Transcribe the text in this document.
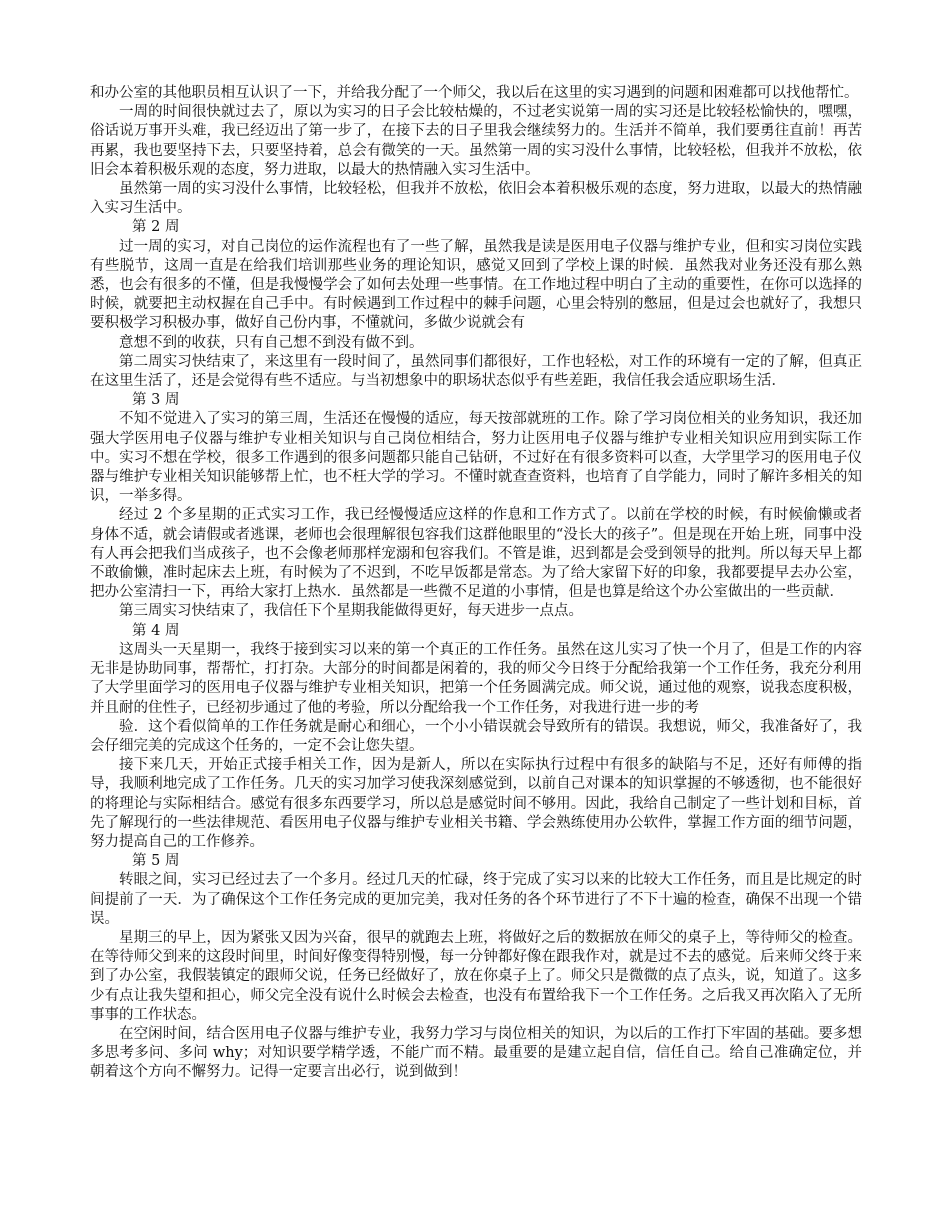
和办公室的其他职员相互认识了一下，并给我分配了一个师父，我以后在这里的实习遇到的问题和困难都可以找他帮忙。

一周的时间很快就过去了，原以为实习的日子会比较枯燥的，不过老实说第一周的实习还是比较轻松愉快的，嘿嘿，俗话说万事开头难，我已经迈出了第一步了，在接下去的日子里我会继续努力的。生活并不简单，我们要勇往直前！再苦再累，我也要坚持下去，只要坚持着，总会有微笑的一天。虽然第一周的实习没什么事情，比较轻松，但我并不放松，依旧会本着积极乐观的态度，努力进取，以最大的热情融入实习生活中。

虽然第一周的实习没什么事情，比较轻松，但我并不放松，依旧会本着积极乐观的态度，努力进取，以最大的热情融入实习生活中。

第 2 周

过一周的实习，对自己岗位的运作流程也有了一些了解，虽然我是读是医用电子仪器与维护专业，但和实习岗位实践有些脱节，这周一直是在给我们培训那些业务的理论知识，感觉又回到了学校上课的时候．虽然我对业务还没有那么熟悉，也会有很多的不懂，但是我慢慢学会了如何去处理一些事情。在工作地过程中明白了主动的重要性，在你可以选择的时候，就要把主动权握在自己手中。有时候遇到工作过程中的棘手问题，心里会特别的憋屈，但是过会也就好了，我想只要积极学习积极办事，做好自己份内事，不懂就问，多做少说就会有

意想不到的收获，只有自己想不到没有做不到。

第二周实习快结束了，来这里有一段时间了，虽然同事们都很好，工作也轻松，对工作的环境有一定的了解，但真正在这里生活了，还是会觉得有些不适应。与当初想象中的职场状态似乎有些差距，我信任我会适应职场生活．

第 3 周

不知不觉进入了实习的第三周，生活还在慢慢的适应，每天按部就班的工作。除了学习岗位相关的业务知识，我还加强大学医用电子仪器与维护专业相关知识与自己岗位相结合，努力让医用电子仪器与维护专业相关知识应用到实际工作中。实习不想在学校，很多工作遇到的很多问题都只能自己钻研，不过好在有很多资料可以查，大学里学习的医用电子仪器与维护专业相关知识能够帮上忙，也不枉大学的学习。不懂时就查查资料，也培育了自学能力，同时了解许多相关的知识，一举多得。

经过 2 个多星期的正式实习工作，我已经慢慢适应这样的作息和工作方式了。以前在学校的时候，有时候偷懒或者身体不适，就会请假或者逃课，老师也会很理解很包容我们这群他眼里的“没长大的孩子”。但是现在开始上班，同事中没有人再会把我们当成孩子，也不会像老师那样宠溺和包容我们。不管是谁，迟到都是会受到领导的批判。所以每天早上都不敢偷懒，准时起床去上班，有时候为了不迟到，不吃早饭都是常态。为了给大家留下好的印象，我都要提早去办公室，把办公室清扫一下，再给大家打上热水．虽然都是一些微不足道的小事情，但是也算是给这个办公室做出的一些贡献．

第三周实习快结束了，我信任下个星期我能做得更好，每天进步一点点。

第 4 周

这周头一天星期一，我终于接到实习以来的第一个真正的工作任务。虽然在这儿实习了快一个月了，但是工作的内容无非是协助同事，帮帮忙，打打杂。大部分的时间都是闲着的，我的师父今日终于分配给我第一个工作任务，我充分利用了大学里面学习的医用电子仪器与维护专业相关知识，把第一个任务圆满完成。师父说，通过他的观察，说我态度积极，并且耐的住性子，已经初步通过了他的考验，所以分配给我一个工作任务，对我进行进一步的考

验．这个看似简单的工作任务就是耐心和细心，一个小小错误就会导致所有的错误。我想说，师父，我准备好了，我会仔细完美的完成这个任务的，一定不会让您失望。

接下来几天，开始正式接手相关工作，因为是新人，所以在实际执行过程中有很多的缺陷与不足，还好有师傅的指导，我顺利地完成了工作任务。几天的实习加学习使我深刻感觉到，以前自己对课本的知识掌握的不够透彻，也不能很好的将理论与实际相结合。感觉有很多东西要学习，所以总是感觉时间不够用。因此，我给自己制定了一些计划和目标，首先了解现行的一些法律规范、看医用电子仪器与维护专业相关书籍、学会熟练使用办公软件，掌握工作方面的细节问题，努力提高自己的工作修养。

第 5 周

转眼之间，实习已经过去了一个多月。经过几天的忙碌，终于完成了实习以来的比较大工作任务，而且是比规定的时间提前了一天．为了确保这个工作任务完成的更加完美，我对任务的各个环节进行了不下十遍的检查，确保不出现一个错误。

星期三的早上，因为紧张又因为兴奋，很早的就跑去上班，将做好之后的数据放在师父的桌子上，等待师父的检查。在等待师父到来的这段时间里，时间好像变得特别慢，每一分钟都好像在跟我作对，就是过不去的感觉。后来师父终于来到了办公室，我假装镇定的跟师父说，任务已经做好了，放在你桌子上了。师父只是微微的点了点头，说，知道了。这多少有点让我失望和担心，师父完全没有说什么时候会去检查，也没有布置给我下一个工作任务。之后我又再次陷入了无所事事的工作状态。

在空闲时间，结合医用电子仪器与维护专业，我努力学习与岗位相关的知识，为以后的工作打下牢固的基础。要多想多思考多问、多问 why；对知识要学精学透，不能广而不精。最重要的是建立起自信，信任自己。给自己准确定位，并朝着这个方向不懈努力。记得一定要言出必行，说到做到！
